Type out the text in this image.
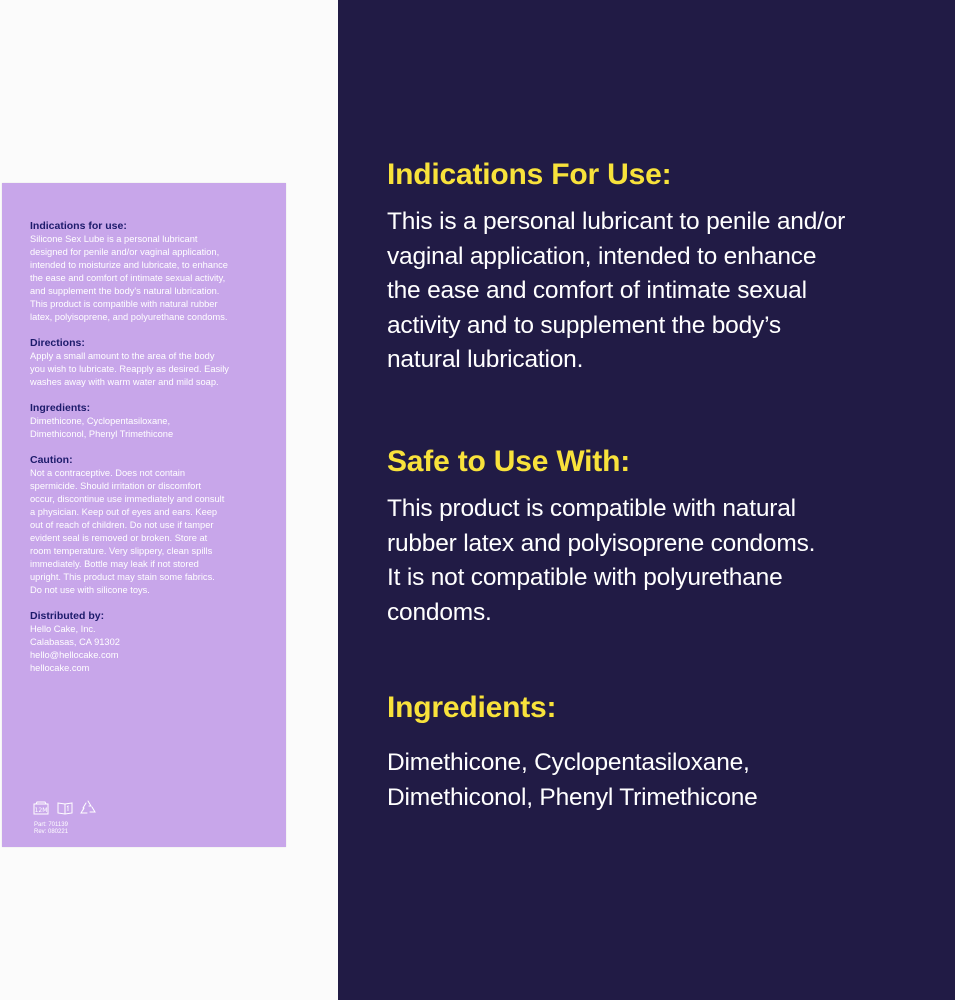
Indications for use:

Silicone Sex Lube is a personal lubricant

designed for penile and/or vaginal application,

intended to moisturize and lubricate, to enhance

the ease and comfort of intimate sexual activity,

and supplement the body's natural lubrication.

This product is compatible with natural rubber

latex, polyisoprene, and polyurethane condoms.

Directions:

Apply a small amount to the area of the body

you wish to lubricate. Reapply as desired. Easily

washes away with warm water and mild soap.

Ingredients:

Dimethicone, Cyclopentasiloxane,

Dimethiconol, Phenyl Trimethicone

Caution:

Not a contraceptive. Does not contain

spermicide. Should irritation or discomfort

occur, discontinue use immediately and consult

a physician. Keep out of eyes and ears. Keep

out of reach of children. Do not use if tamper

evident seal is removed or broken. Store at

room temperature. Very slippery, clean spills

immediately. Bottle may leak if not stored

upright. This product may stain some fabrics.

Do not use with silicone toys.

Distributed by:

Hello Cake, Inc.

Calabasas, CA 91302

hello@hellocake.com

hellocake.com

12M
Part: 701139
Rev: 080221
Indications For Use:

This is a personal lubricant to penile and/or

vaginal application, intended to enhance

the ease and comfort of intimate sexual

activity and to supplement the body’s

natural lubrication.

Safe to Use With:

This product is compatible with natural

rubber latex and polyisoprene condoms.

It is not compatible with polyurethane

condoms.

Ingredients:

Dimethicone, Cyclopentasiloxane,

Dimethiconol, Phenyl Trimethicone
